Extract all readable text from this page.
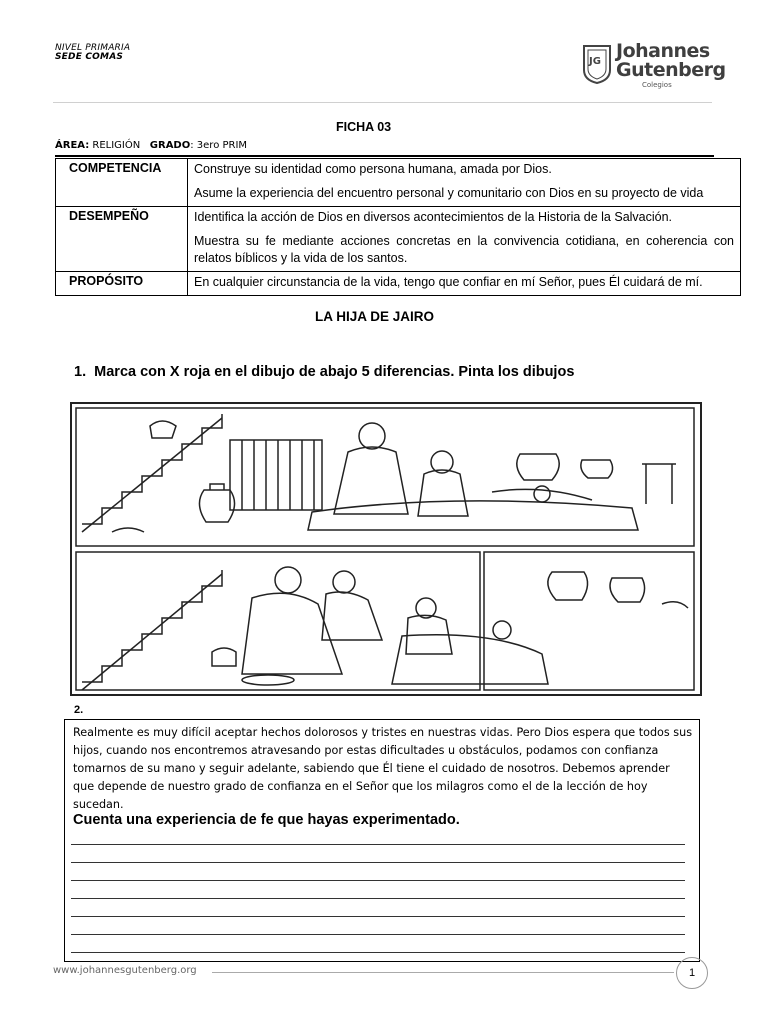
NIVEL PRIMARIA
SEDE COMAS	JG Johannes
Gutenberg
Colegios
FICHA 03
ÁREA: RELIGIÓN GRADO: 3ero PRIM
COMPETENCIA	Construye su identidad como persona humana, amada por Dios.

Asume la experiencia del encuentro personal y comunitario con Dios en su proyecto de vida

DESEMPEÑO	Identifica la acción de Dios en diversos acontecimientos de la Historia de la Salvación.

Muestra su fe mediante acciones concretas en la convivencia cotidiana, en coherencia con relatos bíblicos y la vida de los santos.

PROPÓSITO	En cualquier circunstancia de la vida, tengo que confiar en mí Señor, pues Él cuidará de mí.

LA HIJA DE JAIRO
1. Marca con X roja en el dibujo de abajo 5 diferencias. Pinta los dibujos
2.
Realmente es muy difícil aceptar hechos dolorosos y tristes en nuestras vidas. Pero Dios espera que todos sus hijos, cuando nos encontremos atravesando por estas dificultades u obstáculos, podamos con confianza tomarnos de su mano y seguir adelante, sabiendo que Él tiene el cuidado de nosotros. Debemos aprender que depende de nuestro grado de confianza en el Señor que los milagros como el de la lección de hoy sucedan.
Cuenta una experiencia de fe que hayas experimentado.
www.johannesgutenberg.org	1
